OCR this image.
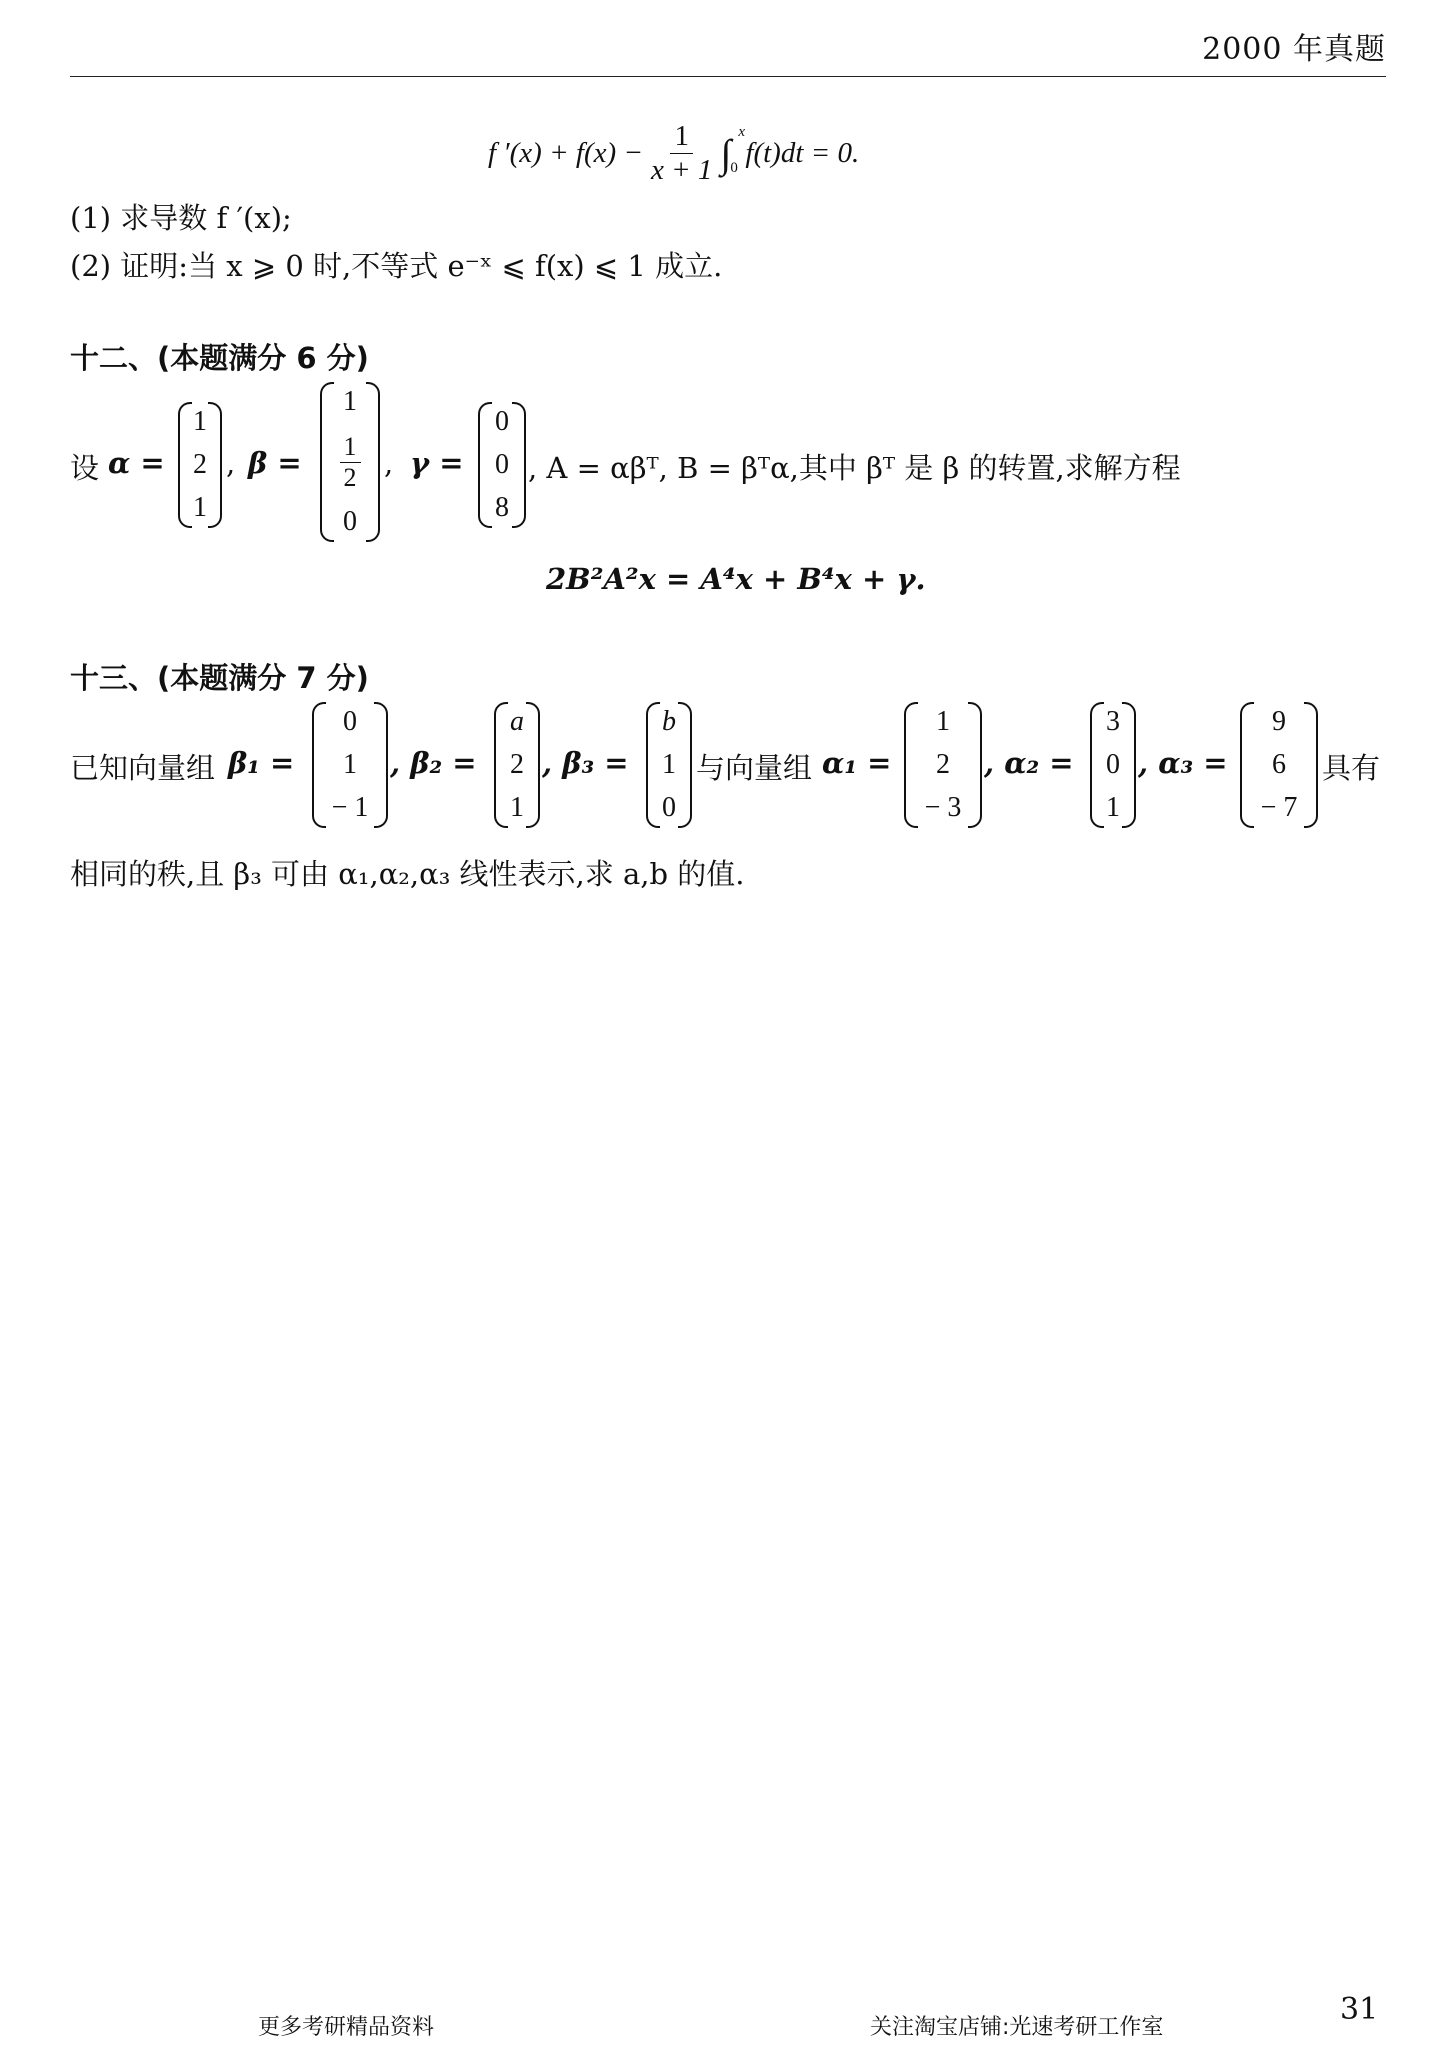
2000 年真题
f $'(x) + f(x) - \frac{1}{x + 1}$ ∫ x
0 f(t)dt = 0.
(1) 求导数 f ′(x);
(2) 证明:当 x ⩾ 0 时,不等式 e⁻ˣ ⩽ f(x) ⩽ 1 成立.
十二、(本题满分 6 分)
设 α =
1
2
1
, β =
1
$\frac{1}{2}$
0
, γ =
0
0
8
, A = αβᵀ, B = βᵀα,其中 βᵀ 是 β 的转置,求解方程
2B²A²x = A⁴x + B⁴x + γ.
十三、(本题满分 7 分)
已知向量组 β₁ =
0
1
− 1
, β₂ =
a
2
1
, β₃ =
b
1
0
与向量组 α₁ =
1
2
− 3
, α₂ =
3
0
1
, α₃ =
9
6
− 7
具有
相同的秩,且 β₃ 可由 α₁,α₂,α₃ 线性表示,求 a,b 的值.
更多考研精品资料	关注淘宝店铺:光速考研工作室
31
